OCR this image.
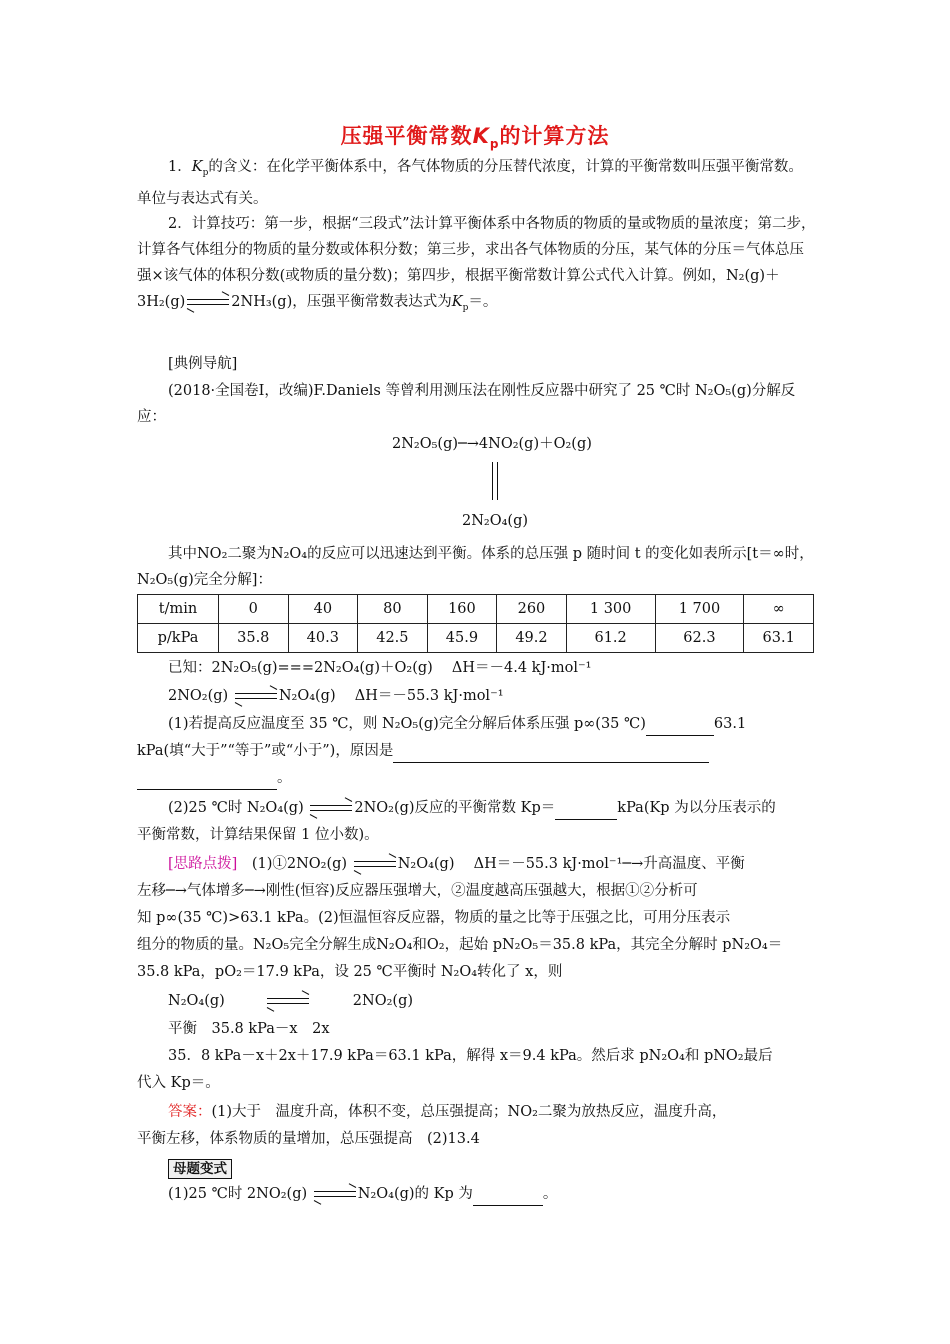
压强平衡常数$K_p$的计算方法
1．$K_p$的含义：在化学平衡体系中，各气体物质的分压替代浓度，计算的平衡常数叫压强平衡常数。单位与表达式有关。
2．计算技巧：第一步，根据“三段式”法计算平衡体系中各物质的物质的量或物质的量浓度；第二步，计算各气体组分的物质的量分数或体积分数；第三步，求出各气体物质的分压，某气体的分压＝气体总压强×该气体的体积分数(或物质的量分数)；第四步，根据平衡常数计算公式代入计算。例如，N₂(g)＋3H₂(g)	2NH₃(g)，压强平衡常数表达式为$K_p=$。
[典例导航]
(2018·全国卷Ⅰ，改编)F.Daniels 等曾利用测压法在刚性反应器中研究了 25 ℃时 N₂O₅(g)分解反应：
2N₂O₅(g)─→4NO₂(g)＋O₂(g)
2N₂O₄(g)
其中NO₂二聚为N₂O₄的反应可以迅速达到平衡。体系的总压强 p 随时间 t 的变化如表所示[t＝∞时，N₂O₅(g)完全分解]：
t/min	0	40	80	160	260	1 300	1 700	∞
p/kPa	35.8	40.3	42.5	45.9	49.2	61.2	62.3	63.1
已知：2N₂O₅(g)===2N₂O₄(g)＋O₂(g)　 ΔH＝－4.4 kJ·mol⁻¹
2NO₂(g)	N₂O₄(g)　 ΔH＝－55.3 kJ·mol⁻¹
(1)若提高反应温度至 35 ℃，则 N₂O₅(g)完全分解后体系压强 p∞(35 ℃)	63.1
kPa(填“大于”“等于”或“小于”)，原因是
。
(2)25 ℃时 N₂O₄(g)	2NO₂(g)反应的平衡常数 Kp＝	kPa(Kp 为以分压表示的
平衡常数，计算结果保留 1 位小数)。
[思路点拨]　 (1)①2NO₂(g)	N₂O₄(g)　 ΔH＝－55.3 kJ·mol⁻¹─→升高温度、平衡
左移─→气体增多─→刚性(恒容)反应器压强增大，②温度越高压强越大，根据①②分析可
知 p∞(35 ℃)>63.1 kPa。(2)恒温恒容反应器，物质的量之比等于压强之比，可用分压表示
组分的物质的量。N₂O₅完全分解生成N₂O₄和O₂，起始 pN₂O₅＝35.8 kPa，其完全分解时 pN₂O₄＝
35.8 kPa，pO₂＝17.9 kPa，设 25 ℃平衡时 N₂O₄转化了 x，则
N₂O₄(g)	2NO₂(g)
平衡　 35.8 kPa－x　2x
35．8 kPa－x＋2x＋17.9 kPa＝63.1 kPa，解得 x＝9.4 kPa。然后求 pN₂O₄和 pNO₂最后
代入 Kp＝。
答案：(1)大于　温度升高，体积不变，总压强提高；NO₂二聚为放热反应，温度升高，
平衡左移，体系物质的量增加，总压强提高　(2)13.4
母题变式
(1)25 ℃时 2NO₂(g)	N₂O₄(g)的 Kp 为	。
